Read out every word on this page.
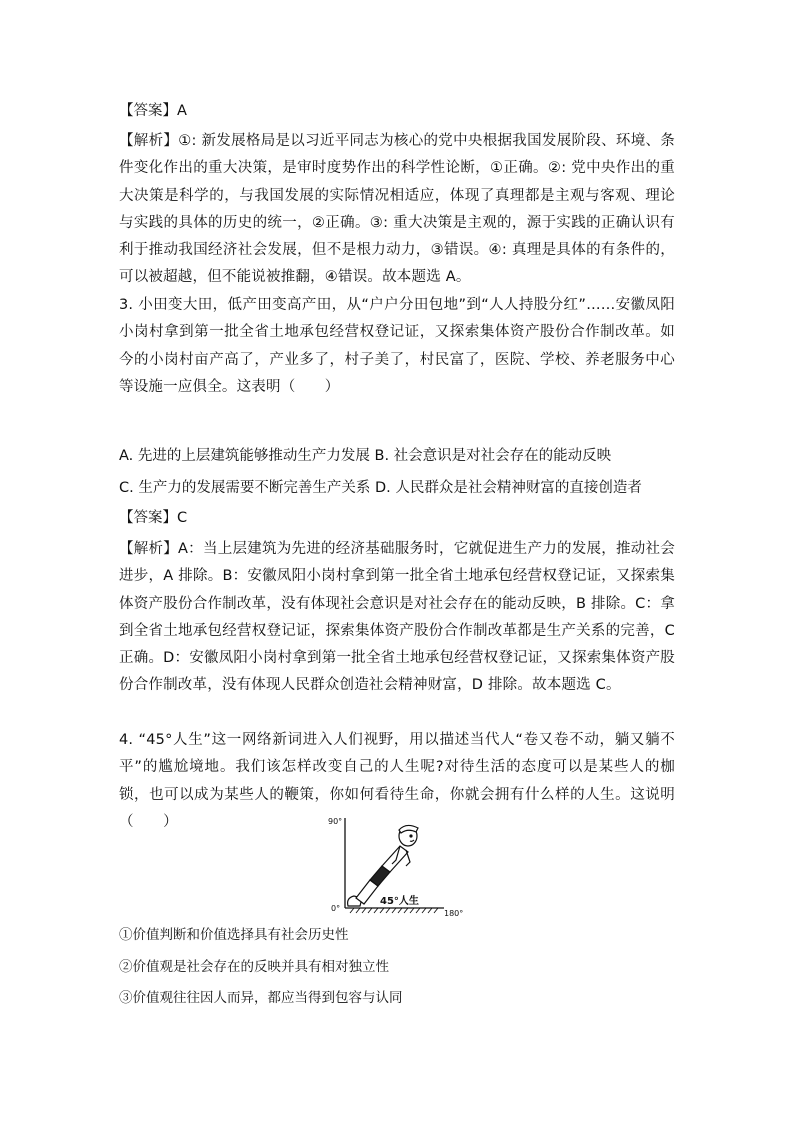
【答案】A
【解析】①: 新发展格局是以习近平同志为核心的党中央根据我国发展阶段、环境、条件变化作出的重大决策，是审时度势作出的科学性论断，①正确。②: 党中央作出的重大决策是科学的，与我国发展的实际情况相适应，体现了真理都是主观与客观、理论与实践的具体的历史的统一，②正确。③: 重大决策是主观的，源于实践的正确认识有利于推动我国经济社会发展，但不是根力动力，③错误。④: 真理是具体的有条件的，可以被超越，但不能说被推翻，④错误。故本题选 A。
3. 小田变大田，低产田变高产田，从“户户分田包地”到“人人持股分红”……安徽凤阳小岗村拿到第一批全省土地承包经营权登记证，又探索集体资产股份合作制改革。如今的小岗村亩产高了，产业多了，村子美了，村民富了，医院、学校、养老服务中心等设施一应俱全。这表明（　　）
A. 先进的上层建筑能够推动生产力发展 B. 社会意识是对社会存在的能动反映
C. 生产力的发展需要不断完善生产关系 D. 人民群众是社会精神财富的直接创造者
【答案】C
【解析】A：当上层建筑为先进的经济基础服务时，它就促进生产力的发展，推动社会进步，A 排除。B：安徽凤阳小岗村拿到第一批全省土地承包经营权登记证，又探索集体资产股份合作制改革，没有体现社会意识是对社会存在的能动反映，B 排除。C：拿到全省土地承包经营权登记证，探索集体资产股份合作制改革都是生产关系的完善，C 正确。D：安徽凤阳小岗村拿到第一批全省土地承包经营权登记证，又探索集体资产股份合作制改革，没有体现人民群众创造社会精神财富，D 排除。故本题选 C。
4. “45°人生”这一网络新词进入人们视野，用以描述当代人“卷又卷不动，躺又躺不平”的尴尬境地。我们该怎样改变自己的人生呢?对待生活的态度可以是某些人的枷锁，也可以成为某些人的鞭策，你如何看待生命，你就会拥有什么样的人生。这说明（　　）	90°
0°
180°
45°人生
①价值判断和价值选择具有社会历史性
②价值观是社会存在的反映并具有相对独立性
③价值观往往因人而异，都应当得到包容与认同
